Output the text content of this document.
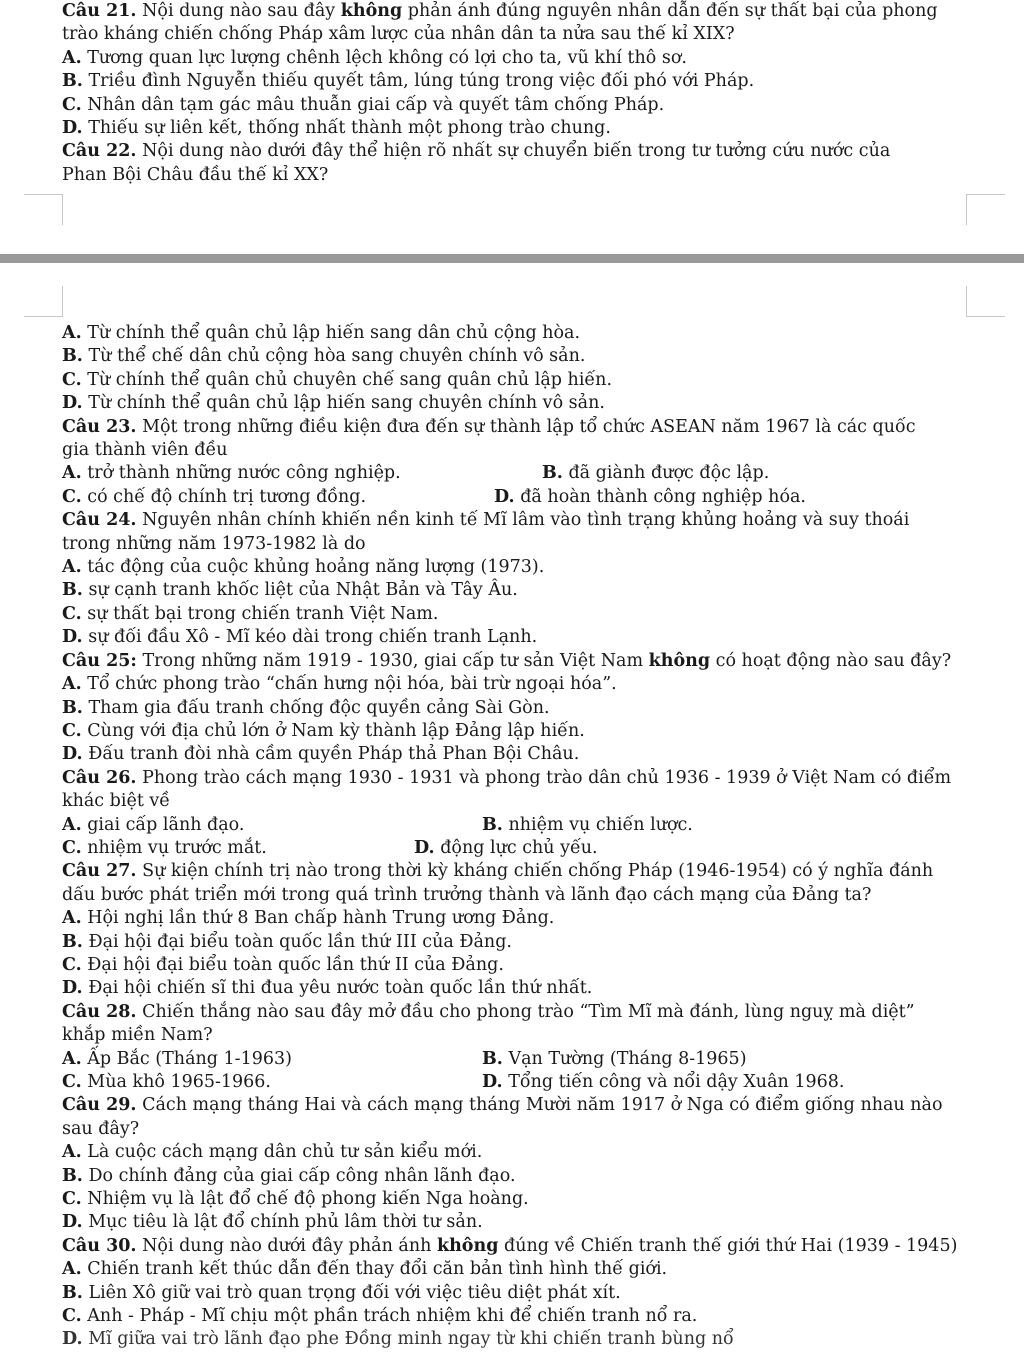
Câu 21. Nội dung nào sau đây không phản ánh đúng nguyên nhân dẫn đến sự thất bại của phong
trào kháng chiến chống Pháp xâm lược của nhân dân ta nửa sau thế kỉ XIX?
A. Tương quan lực lượng chênh lệch không có lợi cho ta, vũ khí thô sơ.
B. Triều đình Nguyễn thiếu quyết tâm, lúng túng trong việc đối phó với Pháp.
C. Nhân dân tạm gác mâu thuẫn giai cấp và quyết tâm chống Pháp.
D. Thiếu sự liên kết, thống nhất thành một phong trào chung.
Câu 22. Nội dung nào dưới đây thể hiện rõ nhất sự chuyển biến trong tư tưởng cứu nước của
Phan Bội Châu đầu thế kỉ XX?
A. Từ chính thể quân chủ lập hiến sang dân chủ cộng hòa.
B. Từ thể chế dân chủ cộng hòa sang chuyên chính vô sản.
C. Từ chính thể quân chủ chuyên chế sang quân chủ lập hiến.
D. Từ chính thể quân chủ lập hiến sang chuyên chính vô sản.
Câu 23. Một trong những điều kiện đưa đến sự thành lập tổ chức ASEAN năm 1967 là các quốc
gia thành viên đều
A. trở thành những nước công nghiệp.	B. đã giành được độc lập.
C. có chế độ chính trị tương đồng.	D. đã hoàn thành công nghiệp hóa.
Câu 24. Nguyên nhân chính khiến nền kinh tế Mĩ lâm vào tình trạng khủng hoảng và suy thoái
trong những năm 1973-1982 là do
A. tác động của cuộc khủng hoảng năng lượng (1973).
B. sự cạnh tranh khốc liệt của Nhật Bản và Tây Âu.
C. sự thất bại trong chiến tranh Việt Nam.
D. sự đối đầu Xô - Mĩ kéo dài trong chiến tranh Lạnh.
Câu 25: Trong những năm 1919 - 1930, giai cấp tư sản Việt Nam không có hoạt động nào sau đây?
A. Tổ chức phong trào “chấn hưng nội hóa, bài trừ ngoại hóa”.
B. Tham gia đấu tranh chống độc quyền cảng Sài Gòn.
C. Cùng với địa chủ lớn ở Nam kỳ thành lập Đảng lập hiến.
D. Đấu tranh đòi nhà cầm quyền Pháp thả Phan Bội Châu.
Câu 26. Phong trào cách mạng 1930 - 1931 và phong trào dân chủ 1936 - 1939 ở Việt Nam có điểm
khác biệt về
A. giai cấp lãnh đạo.	B. nhiệm vụ chiến lược.
C. nhiệm vụ trước mắt.	D. động lực chủ yếu.
Câu 27. Sự kiện chính trị nào trong thời kỳ kháng chiến chống Pháp (1946-1954) có ý nghĩa đánh
dấu bước phát triển mới trong quá trình trưởng thành và lãnh đạo cách mạng của Đảng ta?
A. Hội nghị lần thứ 8 Ban chấp hành Trung ương Đảng.
B. Đại hội đại biểu toàn quốc lần thứ III của Đảng.
C. Đại hội đại biểu toàn quốc lần thứ II của Đảng.
D. Đại hội chiến sĩ thi đua yêu nước toàn quốc lần thứ nhất.
Câu 28. Chiến thắng nào sau đây mở đầu cho phong trào “Tìm Mĩ mà đánh, lùng nguỵ mà diệt”
khắp miền Nam?
A. Ấp Bắc (Tháng 1-1963)	B. Vạn Tường (Tháng 8-1965)
C. Mùa khô 1965-1966.	D. Tổng tiến công và nổi dậy Xuân 1968.
Câu 29. Cách mạng tháng Hai và cách mạng tháng Mười năm 1917 ở Nga có điểm giống nhau nào
sau đây?
A. Là cuộc cách mạng dân chủ tư sản kiểu mới.
B. Do chính đảng của giai cấp công nhân lãnh đạo.
C. Nhiệm vụ là lật đổ chế độ phong kiến Nga hoàng.
D. Mục tiêu là lật đổ chính phủ lâm thời tư sản.
Câu 30. Nội dung nào dưới đây phản ánh không đúng về Chiến tranh thế giới thứ Hai (1939 - 1945)
A. Chiến tranh kết thúc dẫn đến thay đổi căn bản tình hình thế giới.
B. Liên Xô giữ vai trò quan trọng đối với việc tiêu diệt phát xít.
C. Anh - Pháp - Mĩ chịu một phần trách nhiệm khi để chiến tranh nổ ra.
D. Mĩ giữa vai trò lãnh đạo phe Đồng minh ngay từ khi chiến tranh bùng nổ
